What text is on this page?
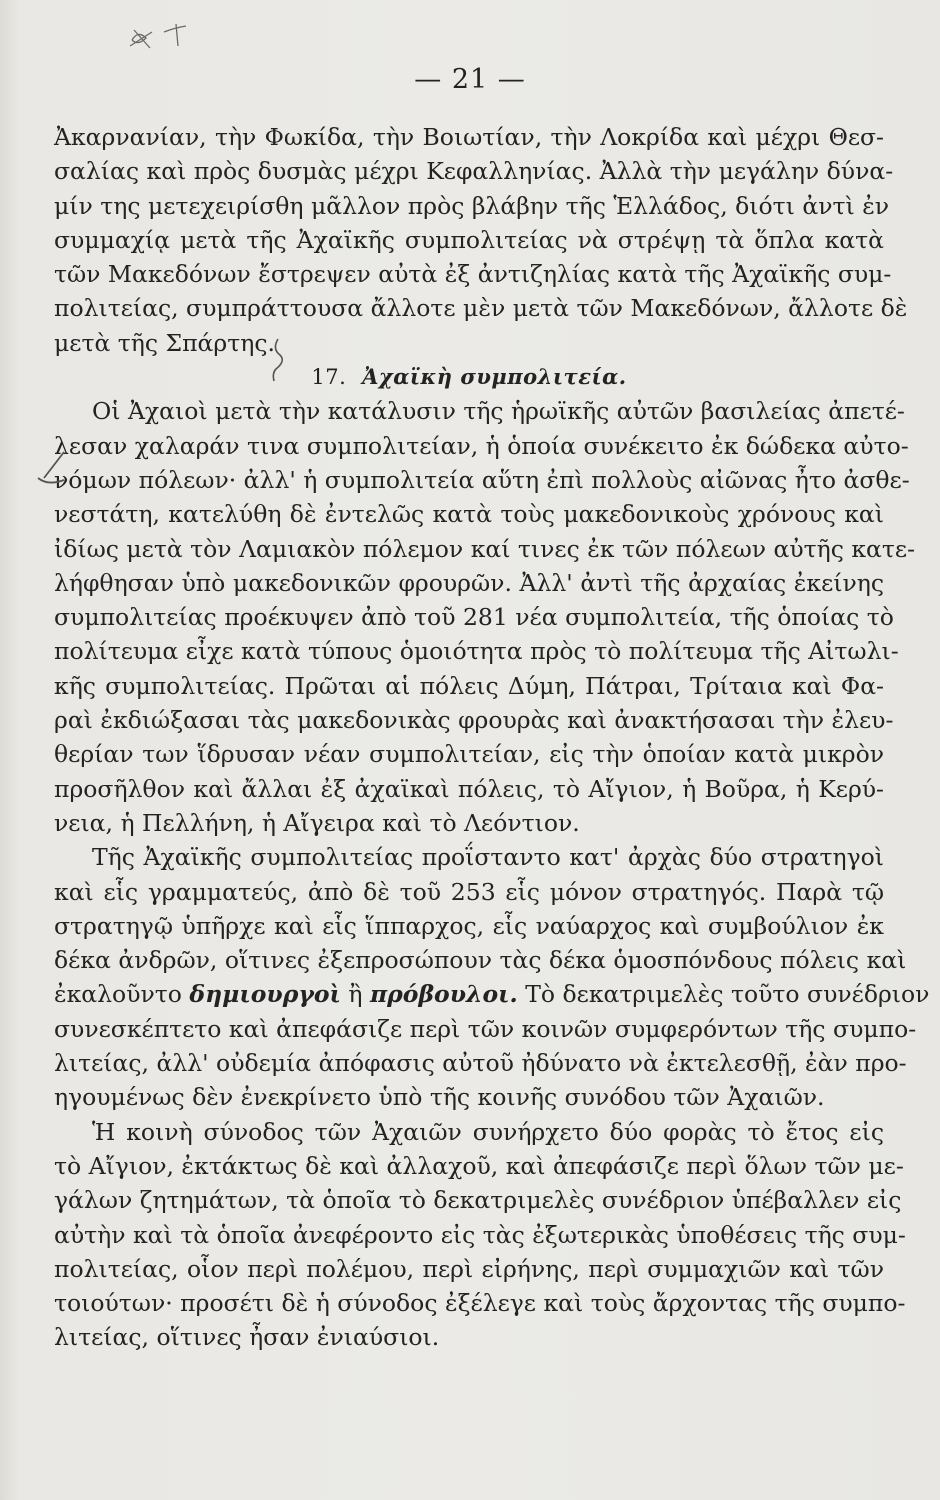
— 21 —
Ἀκαρνανίαν, τὴν Φωκίδα, τὴν Βοιωτίαν, τὴν Λοκρίδα καὶ μέχρι Θεσ-
σαλίας καὶ πρὸς δυσμὰς μέχρι Κεφαλληνίας. Ἀλλὰ τὴν μεγάλην δύνα-
μίν της μετεχειρίσθη μᾶλλον πρὸς βλάβην τῆς Ἑλλάδος, διότι ἀντὶ ἐν
συμμαχίᾳ μετὰ τῆς Ἀχαϊκῆς συμπολιτείας νὰ στρέψῃ τὰ ὅπλα κατὰ
τῶν Μακεδόνων ἔστρεψεν αὐτὰ ἐξ ἀντιζηλίας κατὰ τῆς Ἀχαϊκῆς συμ-
πολιτείας, συμπράττουσα ἄλλοτε μὲν μετὰ τῶν Μακεδόνων, ἄλλοτε δὲ
μετὰ τῆς Σπάρτης.
17. Ἀχαϊκὴ συμπολιτεία.
Οἱ Ἀχαιοὶ μετὰ τὴν κατάλυσιν τῆς ἡρωϊκῆς αὐτῶν βασιλείας ἀπετέ-
λεσαν χαλαράν τινα συμπολιτείαν, ἡ ὁποία συνέκειτο ἐκ δώδεκα αὐτο-
νόμων πόλεων· ἀλλ' ἡ συμπολιτεία αὕτη ἐπὶ πολλοὺς αἰῶνας ἦτο ἀσθε-
νεστάτη, κατελύθη δὲ ἐντελῶς κατὰ τοὺς μακεδονικοὺς χρόνους καὶ
ἰδίως μετὰ τὸν Λαμιακὸν πόλεμον καί τινες ἐκ τῶν πόλεων αὐτῆς κατε-
λήφθησαν ὑπὸ μακεδονικῶν φρουρῶν. Ἀλλ' ἀντὶ τῆς ἀρχαίας ἐκείνης
συμπολιτείας προέκυψεν ἀπὸ τοῦ 281 νέα συμπολιτεία, τῆς ὁποίας τὸ
πολίτευμα εἶχε κατὰ τύπους ὁμοιότητα πρὸς τὸ πολίτευμα τῆς Αἰτωλι-
κῆς συμπολιτείας. Πρῶται αἱ πόλεις Δύμη, Πάτραι, Τρίταια καὶ Φα-
ραὶ ἐκδιώξασαι τὰς μακεδονικὰς φρουρὰς καὶ ἀνακτήσασαι τὴν ἐλευ-
θερίαν των ἵδρυσαν νέαν συμπολιτείαν, εἰς τὴν ὁποίαν κατὰ μικρὸν
προσῆλθον καὶ ἄλλαι ἐξ ἀχαϊκαὶ πόλεις, τὸ Αἴγιον, ἡ Βοῦρα, ἡ Κερύ-
νεια, ἡ Πελλήνη, ἡ Αἴγειρα καὶ τὸ Λεόντιον.
Τῆς Ἀχαϊκῆς συμπολιτείας προΐσταντο κατ' ἀρχὰς δύο στρατηγοὶ
καὶ εἷς γραμματεύς, ἀπὸ δὲ τοῦ 253 εἷς μόνον στρατηγός. Παρὰ τῷ
στρατηγῷ ὑπῆρχε καὶ εἷς ἵππαρχος, εἷς ναύαρχος καὶ συμβούλιον ἐκ
δέκα ἀνδρῶν, οἵτινες ἐξεπροσώπουν τὰς δέκα ὁμοσπόνδους πόλεις καὶ
ἐκαλοῦντο δημιουργοὶ ἢ πρόβουλοι. Τὸ δεκατριμελὲς τοῦτο συνέδριον
συνεσκέπτετο καὶ ἀπεφάσιζε περὶ τῶν κοινῶν συμφερόντων τῆς συμπο-
λιτείας, ἀλλ' οὐδεμία ἀπόφασις αὐτοῦ ἠδύνατο νὰ ἐκτελεσθῇ, ἐὰν προ-
ηγουμένως δὲν ἐνεκρίνετο ὑπὸ τῆς κοινῆς συνόδου τῶν Ἀχαιῶν.
Ἡ κοινὴ σύνοδος τῶν Ἀχαιῶν συνήρχετο δύο φορὰς τὸ ἔτος εἰς
τὸ Αἴγιον, ἐκτάκτως δὲ καὶ ἀλλαχοῦ, καὶ ἀπεφάσιζε περὶ ὅλων τῶν με-
γάλων ζητημάτων, τὰ ὁποῖα τὸ δεκατριμελὲς συνέδριον ὑπέβαλλεν εἰς
αὐτὴν καὶ τὰ ὁποῖα ἀνεφέροντο εἰς τὰς ἐξωτερικὰς ὑποθέσεις τῆς συμ-
πολιτείας, οἷον περὶ πολέμου, περὶ εἰρήνης, περὶ συμμαχιῶν καὶ τῶν
τοιούτων· προσέτι δὲ ἡ σύνοδος ἐξέλεγε καὶ τοὺς ἄρχοντας τῆς συμπο-
λιτείας, οἵτινες ἦσαν ἐνιαύσιοι.
